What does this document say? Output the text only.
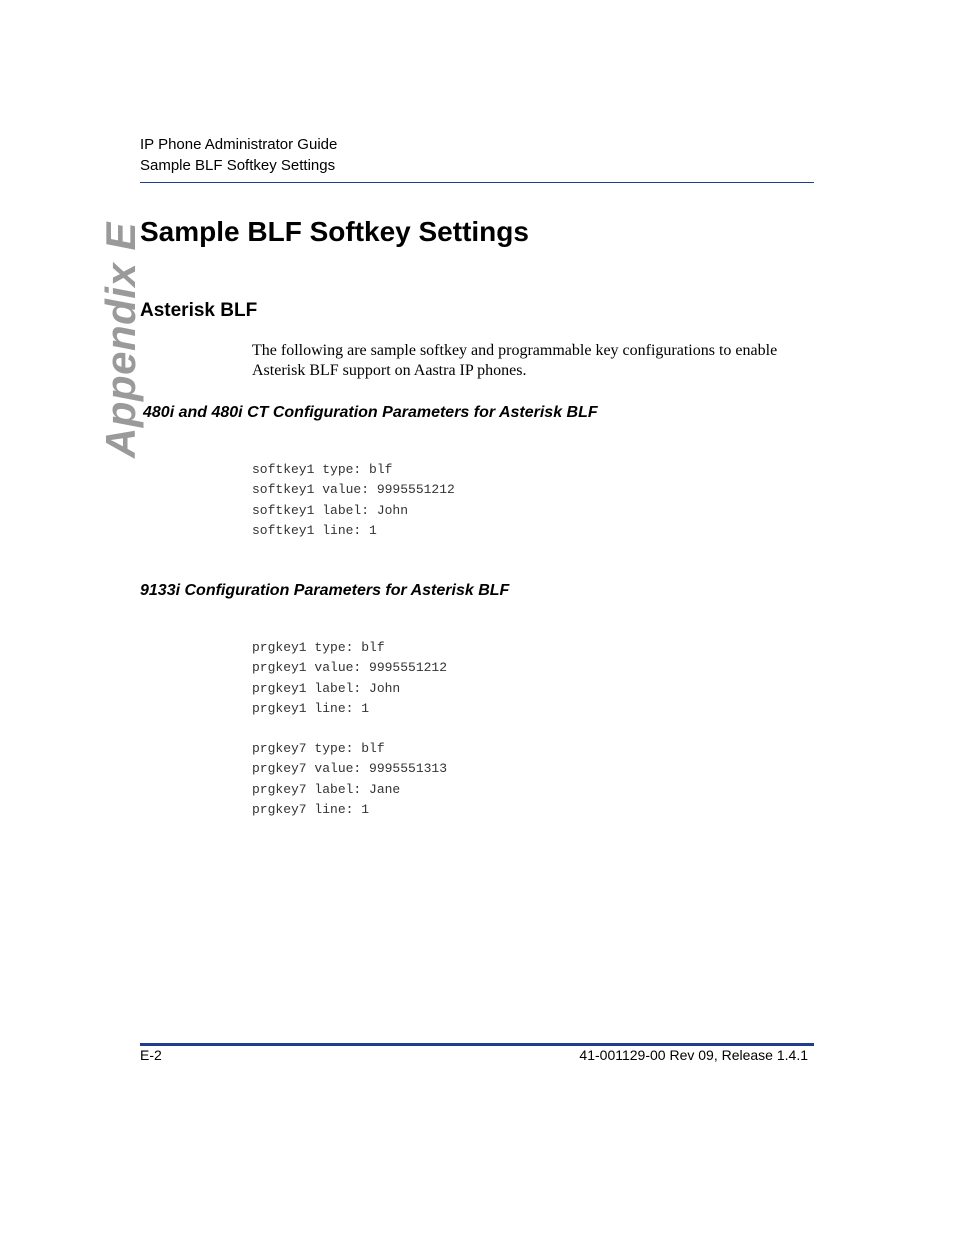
IP Phone Administrator Guide
Sample BLF Softkey Settings
Appendix E
Sample BLF Softkey Settings
Asterisk BLF

The following are sample softkey and programmable key configurations to enable Asterisk BLF support on Aastra IP phones.

480i and 480i CT Configuration Parameters for Asterisk BLF
softkey1 type: blf
softkey1 value: 9995551212
softkey1 label: John
softkey1 line: 1
9133i Configuration Parameters for Asterisk BLF
prgkey1 type: blf
prgkey1 value: 9995551212
prgkey1 label: John
prgkey1 line: 1
prgkey7 type: blf
prgkey7 value: 9995551313
prgkey7 label: Jane
prgkey7 line: 1
E-2	41-001129-00 Rev 09, Release 1.4.1
